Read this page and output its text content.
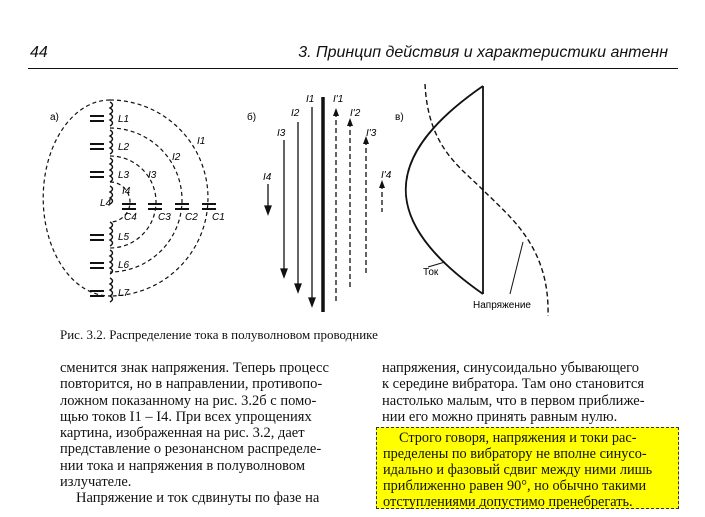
44	3. Принцип действия и характеристики антенн
а)	L1
L2
L3
L4
L5
L6
L7
C1
C2
C3
C4
I1
I2
I3
I4
б)
I1
I2
I3
I4
I'1
I'2
I'3
I'4
в)
Ток
Напряжение
Рис. 3.2. Распределение тока в полуволновом проводнике
сменится знак напряжения. Теперь процесс
повторится, но в направлении, противопо-
ложном показанному на рис. 3.2б с помо-
щью токов I1 – I4. При всех упрощениях
картина, изображенная на рис. 3.2, дает
представление о резонансном распределе-
нии тока и напряжения в полуволновом
излучателе.
Напряжение и ток сдвинуты по фазе на
напряжения, синусоидально убывающего
к середине вибратора. Там оно становится
настолько малым, что в первом приближе-
нии его можно принять равным нулю.
Строго говоря, напряжения и токи рас-
пределены по вибратору не вполне синусо-
идально и фазовый сдвиг между ними лишь
приближенно равен 90°, но обычно такими
отступлениями допустимо пренебрегать.
